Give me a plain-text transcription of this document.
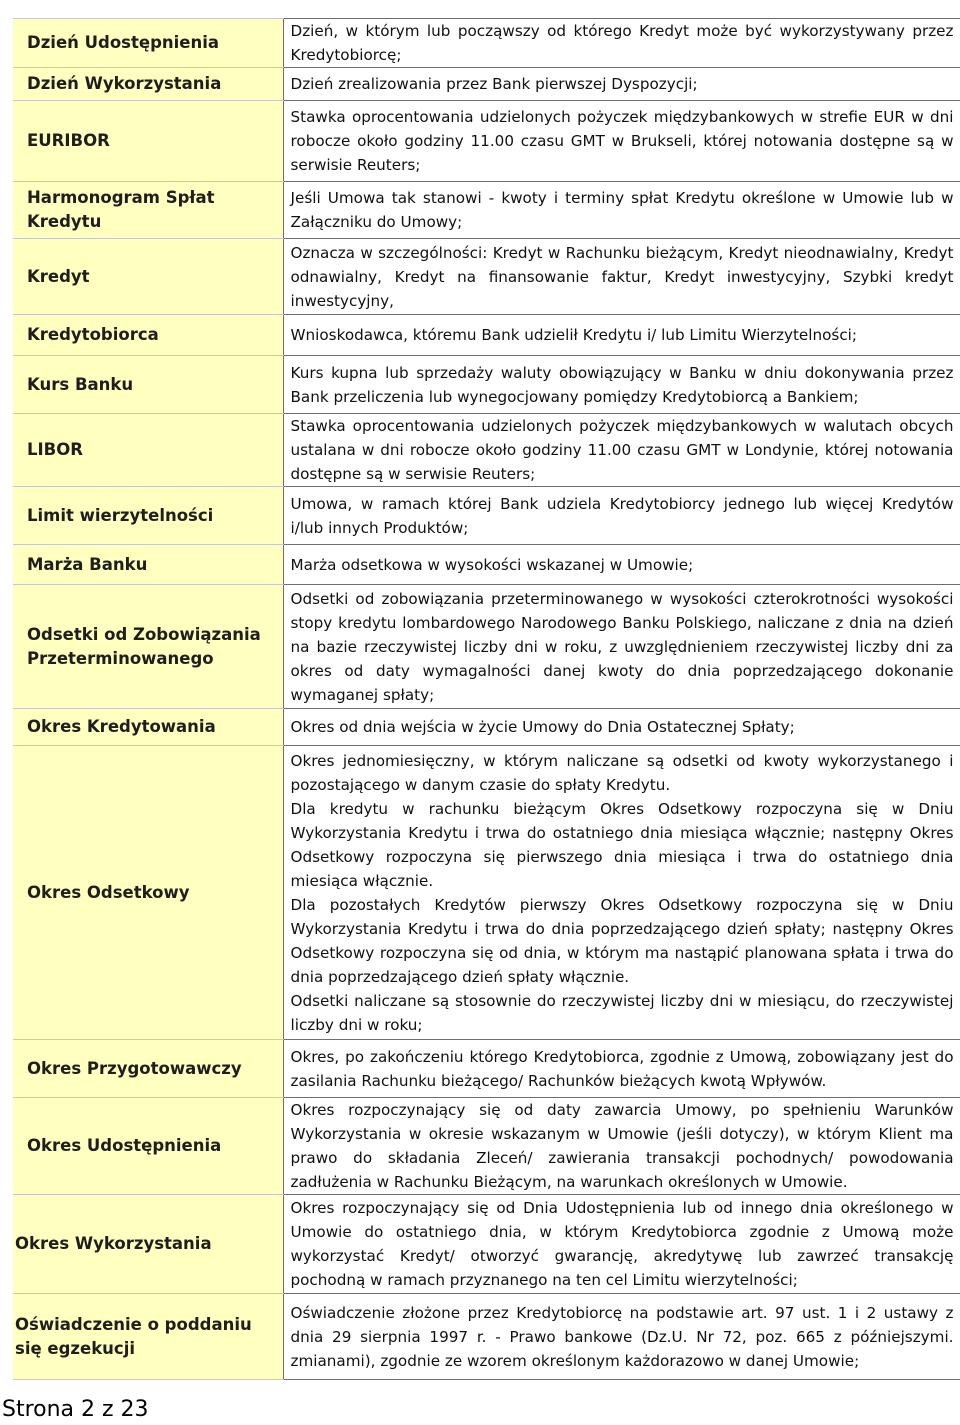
Dzień Udostępnienia	Dzień, w którym lub począwszy od którego Kredyt może być wykorzystywany przez Kredytobiorcę;

Dzień Wykorzystania	Dzień zrealizowania przez Bank pierwszej Dyspozycji;

EURIBOR	Stawka oprocentowania udzielonych pożyczek międzybankowych w strefie EUR w dni robocze około godziny 11.00 czasu GMT w Brukseli, której notowania dostępne są w serwisie Reuters;

Harmonogram Spłat Kredytu	Jeśli Umowa tak stanowi - kwoty i terminy spłat Kredytu określone w Umowie lub w Załączniku do Umowy;

Kredyt	Oznacza w szczególności: Kredyt w Rachunku bieżącym, Kredyt nieodnawialny, Kredyt odnawialny, Kredyt na finansowanie faktur, Kredyt inwestycyjny, Szybki kredyt inwestycyjny,

Kredytobiorca	Wnioskodawca, któremu Bank udzielił Kredytu i/ lub Limitu Wierzytelności;

Kurs Banku	Kurs kupna lub sprzedaży waluty obowiązujący w Banku w dniu dokonywania przez Bank przeliczenia lub wynegocjowany pomiędzy Kredytobiorcą a Bankiem;

LIBOR	Stawka oprocentowania udzielonych pożyczek międzybankowych w walutach obcych ustalana w dni robocze około godziny 11.00 czasu GMT w Londynie, której notowania dostępne są w serwisie Reuters;

Limit wierzytelności	Umowa, w ramach której Bank udziela Kredytobiorcy jednego lub więcej Kredytów i/lub innych Produktów;

Marża Banku	Marża odsetkowa w wysokości wskazanej w Umowie;

Odsetki od Zobowiązania Przeterminowanego	Odsetki od zobowiązania przeterminowanego w wysokości czterokrotności wysokości stopy kredytu lombardowego Narodowego Banku Polskiego, naliczane z dnia na dzień na bazie rzeczywistej liczby dni w roku, z uwzględnieniem rzeczywistej liczby dni za okres od daty wymagalności danej kwoty do dnia poprzedzającego dokonanie wymaganej spłaty;

Okres Kredytowania	Okres od dnia wejścia w życie Umowy do Dnia Ostatecznej Spłaty;

Okres Odsetkowy	Okres jednomiesięczny, w którym naliczane są odsetki od kwoty wykorzystanego i pozostającego w danym czasie do spłaty Kredytu.
Dla kredytu w rachunku bieżącym Okres Odsetkowy rozpoczyna się w Dniu Wykorzystania Kredytu i trwa do ostatniego dnia miesiąca włącznie; następny Okres Odsetkowy rozpoczyna się pierwszego dnia miesiąca i trwa do ostatniego dnia miesiąca włącznie.
Dla pozostałych Kredytów pierwszy Okres Odsetkowy rozpoczyna się w Dniu Wykorzystania Kredytu i trwa do dnia poprzedzającego dzień spłaty; następny Okres Odsetkowy rozpoczyna się od dnia, w którym ma nastąpić planowana spłata i trwa do dnia poprzedzającego dzień spłaty włącznie.
Odsetki naliczane są stosownie do rzeczywistej liczby dni w miesiącu, do rzeczywistej liczby dni w roku;

Okres Przygotowawczy	Okres, po zakończeniu którego Kredytobiorca, zgodnie z Umową, zobowiązany jest do zasilania Rachunku bieżącego/ Rachunków bieżących kwotą Wpływów.

Okres Udostępnienia	Okres rozpoczynający się od daty zawarcia Umowy, po spełnieniu Warunków Wykorzystania w okresie wskazanym w Umowie (jeśli dotyczy), w którym Klient ma prawo do składania Zleceń/ zawierania transakcji pochodnych/ powodowania zadłużenia w Rachunku Bieżącym, na warunkach określonych w Umowie.

Okres Wykorzystania	Okres rozpoczynający się od Dnia Udostępnienia lub od innego dnia określonego w Umowie do ostatniego dnia, w którym Kredytobiorca zgodnie z Umową może wykorzystać Kredyt/ otworzyć gwarancję, akredytywę lub zawrzeć transakcję pochodną w ramach przyznanego na ten cel Limitu wierzytelności;

Oświadczenie o poddaniu się egzekucji	Oświadczenie złożone przez Kredytobiorcę na podstawie art. 97 ust. 1 i 2 ustawy z dnia 29 sierpnia 1997 r. - Prawo bankowe (Dz.U. Nr 72, poz. 665 z późniejszymi. zmianami), zgodnie ze wzorem określonym każdorazowo w danej Umowie;
Strona 2 z 23
